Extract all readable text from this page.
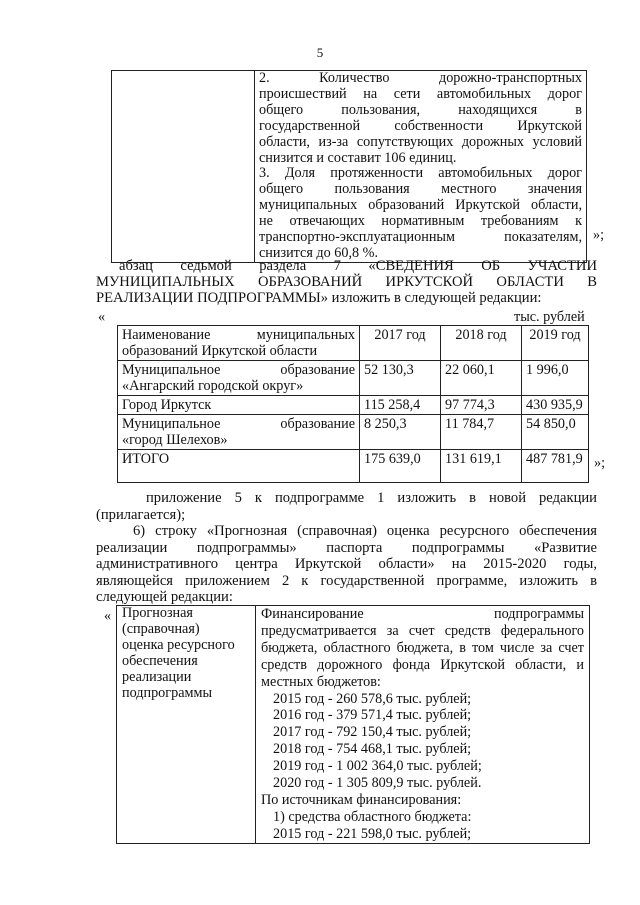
5

2. Количество дорожно-транспортных

происшествий на сети автомобильных дорог

общего пользования, находящихся в

государственной собственности Иркутской

области, из-за сопутствующих дорожных условий

снизится и составит 106 единиц.

3. Доля протяженности автомобильных дорог

общего пользования местного значения

муниципальных образований Иркутской области,

не отвечающих нормативным требованиям к

транспортно-эксплуатационным показателям,

снизится до 60,8 %.

»;

абзац седьмой раздела 7 «СВЕДЕНИЯ ОБ УЧАСТИИ

МУНИЦИПАЛЬНЫХ ОБРАЗОВАНИЙ ИРКУТСКОЙ ОБЛАСТИ В

РЕАЛИЗАЦИИ ПОДПРОГРАММЫ» изложить в следующей редакции:

«	тыс. рублей

Наименование муниципальных

образований Иркутской области	2017 год	2018 год	2019 год

Муниципальное образование

«Ангарский городской округ»	52 130,3	22 060,1	1 996,0
Город Иркутск	115 258,4	97 774,3	430 935,9

Муниципальное образование

«город Шелехов»	8 250,3	11 784,7	54 850,0
ИТОГО	175 639,0	131 619,1	487 781,9 »;

приложение 5 к подпрограмме 1 изложить в новой редакции

(прилагается);

6) строку «Прогнозная (справочная) оценка ресурсного обеспечения

реализации подпрограммы» паспорта подпрограммы «Развитие

административного центра Иркутской области» на 2015-2020 годы,

являющейся приложением 2 к государственной программе, изложить в

следующей редакции:

« Прогнозная

(справочная)

оценка ресурсного

обеспечения

реализации

подпрограммы

Финансирование подпрограммы

предусматривается за счет средств федерального

бюджета, областного бюджета, в том числе за счет

средств дорожного фонда Иркутской области, и

местных бюджетов:

2015 год - 260 578,6 тыс. рублей;

2016 год - 379 571,4 тыс. рублей;

2017 год - 792 150,4 тыс. рублей;

2018 год - 754 468,1 тыс. рублей;

2019 год - 1 002 364,0 тыс. рублей;

2020 год - 1 305 809,9 тыс. рублей.

По источникам финансирования:

1) средства областного бюджета:

2015 год - 221 598,0 тыс. рублей;
